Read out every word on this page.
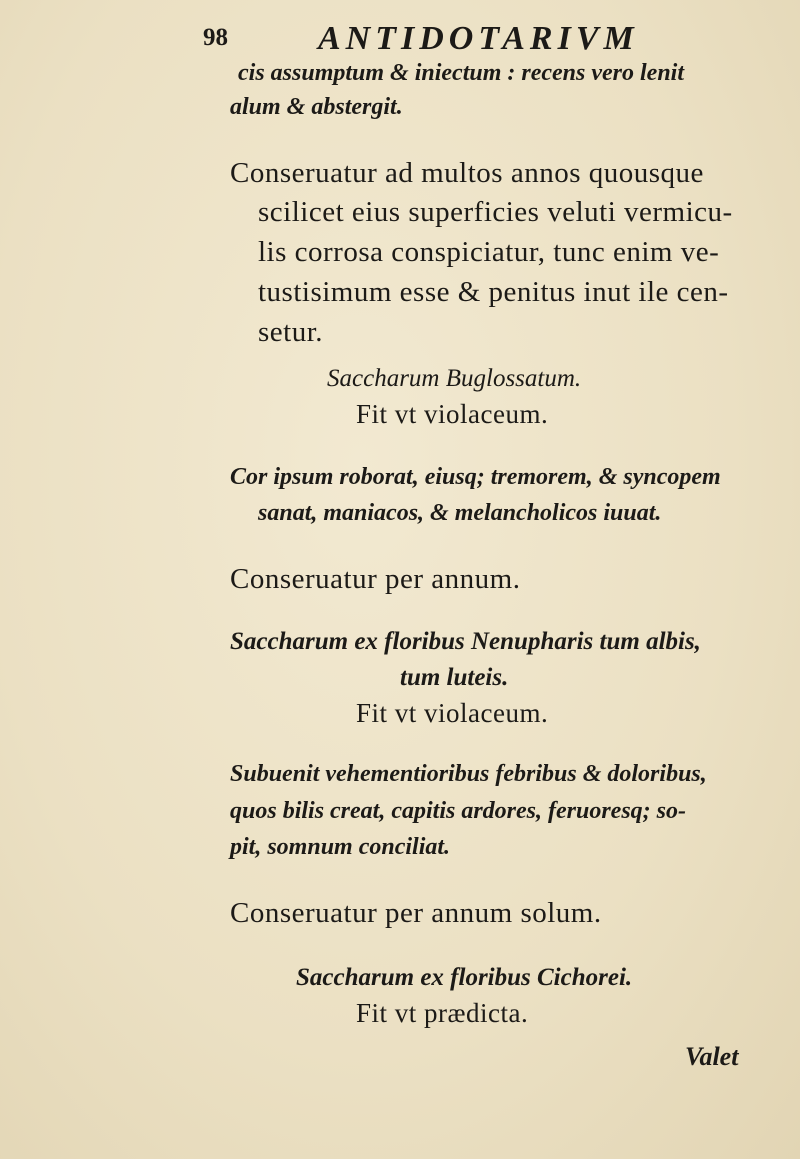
98	ANTIDOTARIVM
cis assumptum & iniectum : recens vero lenit
alum & abstergit.
Conseruatur ad multos annos quousque
scilicet eius superficies veluti vermicu-
lis corrosa conspiciatur, tunc enim ve-
tustisimum esse & penitus inut ile cen-
setur.
Saccharum Buglossatum.
Fit vt violaceum.
Cor ipsum roborat, eiusq; tremorem, & syncopem
sanat, maniacos, & melancholicos iuuat.
Conseruatur per annum.
Saccharum ex floribus Nenupharis tum albis,
tum luteis.
Fit vt violaceum.
Subuenit vehementioribus febribus & doloribus,
quos bilis creat, capitis ardores, feruoresq; so-
pit, somnum conciliat.
Conseruatur per annum solum.
Saccharum ex floribus Cichorei.
Fit vt prædicta.
Valet
